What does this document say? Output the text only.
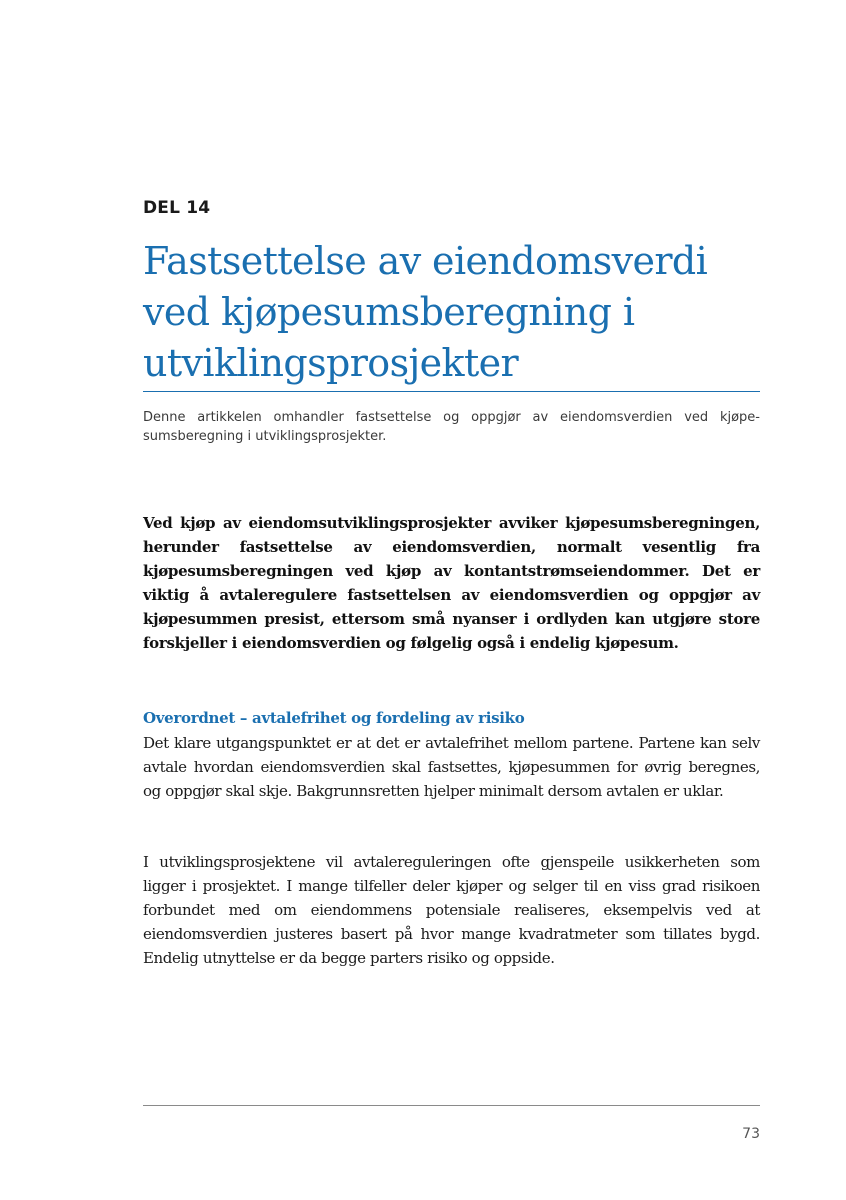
DEL 14
Fastsettelse av eiendomsverdi ved kjøpesumsberegning i utviklingsprosjekter

Denne artikkelen omhandler fastsettelse og oppgjør av eiendomsverdien ved kjøpesumsberegning i utviklingsprosjekter.

Ved kjøp av eiendomsutviklingsprosjekter avviker kjøpesumsberegningen, herunder fastsettelse av eiendomsverdien, normalt vesentlig fra kjøpesumsberegningen ved kjøp av kontantstrømseiendommer. Det er viktig å avtaleregulere fastsettelsen av eiendomsverdien og oppgjør av kjøpesummen presist, ettersom små nyanser i ordlyden kan utgjøre store forskjeller i eiendomsverdien og følgelig også i endelig kjøpesum.

Overordnet – avtalefrihet og fordeling av risiko

Det klare utgangspunktet er at det er avtalefrihet mellom partene. Partene kan selv avtale hvordan eiendomsverdien skal fastsettes, kjøpesummen for øvrig beregnes, og oppgjør skal skje. Bakgrunnsretten hjelper minimalt dersom avtalen er uklar.

I utviklingsprosjektene vil avtalereguleringen ofte gjenspeile usikkerheten som ligger i prosjektet. I mange tilfeller deler kjøper og selger til en viss grad risikoen forbundet med om eiendommens potensiale realiseres, eksempelvis ved at eiendomsverdien justeres basert på hvor mange kvadratmeter som tillates bygd. Endelig utnyttelse er da begge parters risiko og oppside.

73
